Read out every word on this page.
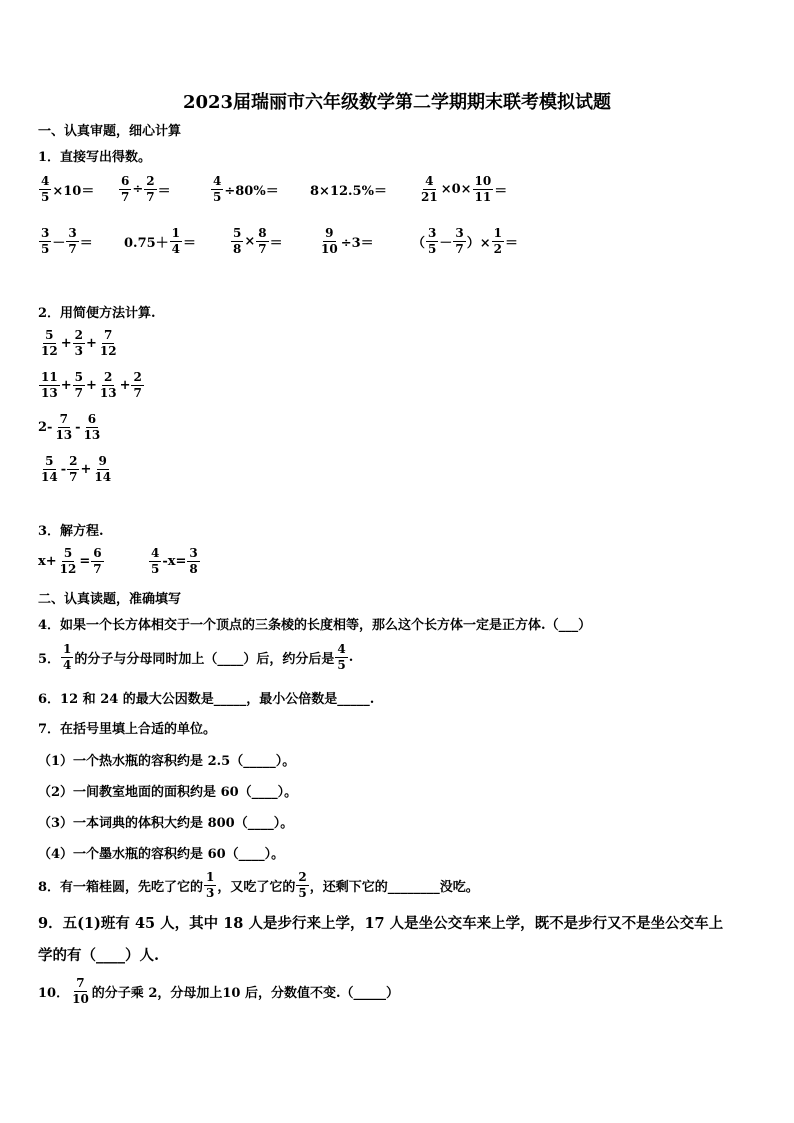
2023届瑞丽市六年级数学第二学期期末联考模拟试题
一、认真审题，细心计算
1．直接写出得数。
2．用简便方法计算.
3．解方程.
二、认真读题，准确填写
4．如果一个长方体相交于一个顶点的三条棱的长度相等，那么这个长方体一定是正方体.（___）
5． $\frac{1}{4}$ 的分子与分母同时加上（____）后，约分后是 $\frac{4}{5}$ .
6．12 和 24 的最大公因数是_____，最小公倍数是_____.
7．在括号里填上合适的单位。
（1）一个热水瓶的容积约是 2.5（_____）。
（2）一间教室地面的面积约是 60（____）。
（3）一本词典的体积大约是 800（____）。
（4）一个墨水瓶的容积约是 60（____）。
8．有一箱桂圆，先吃了它的 $\frac{1}{3}$ ，又吃了它的 $\frac{2}{5}$ ，还剩下它的________没吃。
9．五(1)班有 45 人，其中 18 人是步行来上学，17 人是坐公交车来上学，既不是步行又不是坐公交车上
学的有（____）人.
10． $\frac{7}{10}$ 的分子乘 2，分母加上10 后，分数值不变.（_____）
$\frac{4}{5} \times 10= \frac{6}{7} \div \frac{2}{7}$ ＝	$\frac{4}{5} \div 80\%= 8\times 12.5\%=$	$\frac{4}{21} \times 0\times \frac{10}{11}$ ＝
$\frac{3}{5} - \frac{3}{7} = 0.75+ \frac{1}{4}$ ＝	$\frac{5}{8} \times \frac{8}{7}$ ＝	$\frac{9}{10} \div 3=$	（ $\frac{3}{5} - \frac{3}{7}$ ）× $\frac{1}{2}$ ＝
$\frac{5}{12} + \frac{2}{3} + \frac{7}{12}$
$\frac{11}{13} + \frac{5}{7} + \frac{2}{13} + \frac{2}{7}$
$2- \frac{7}{13} - \frac{6}{13}$
$\frac{5}{14} - \frac{2}{7} + \frac{9}{14}$
$x+ \frac{5}{12} = \frac{6}{7}$	$\frac{4}{5} -x= \frac{3}{8}$
